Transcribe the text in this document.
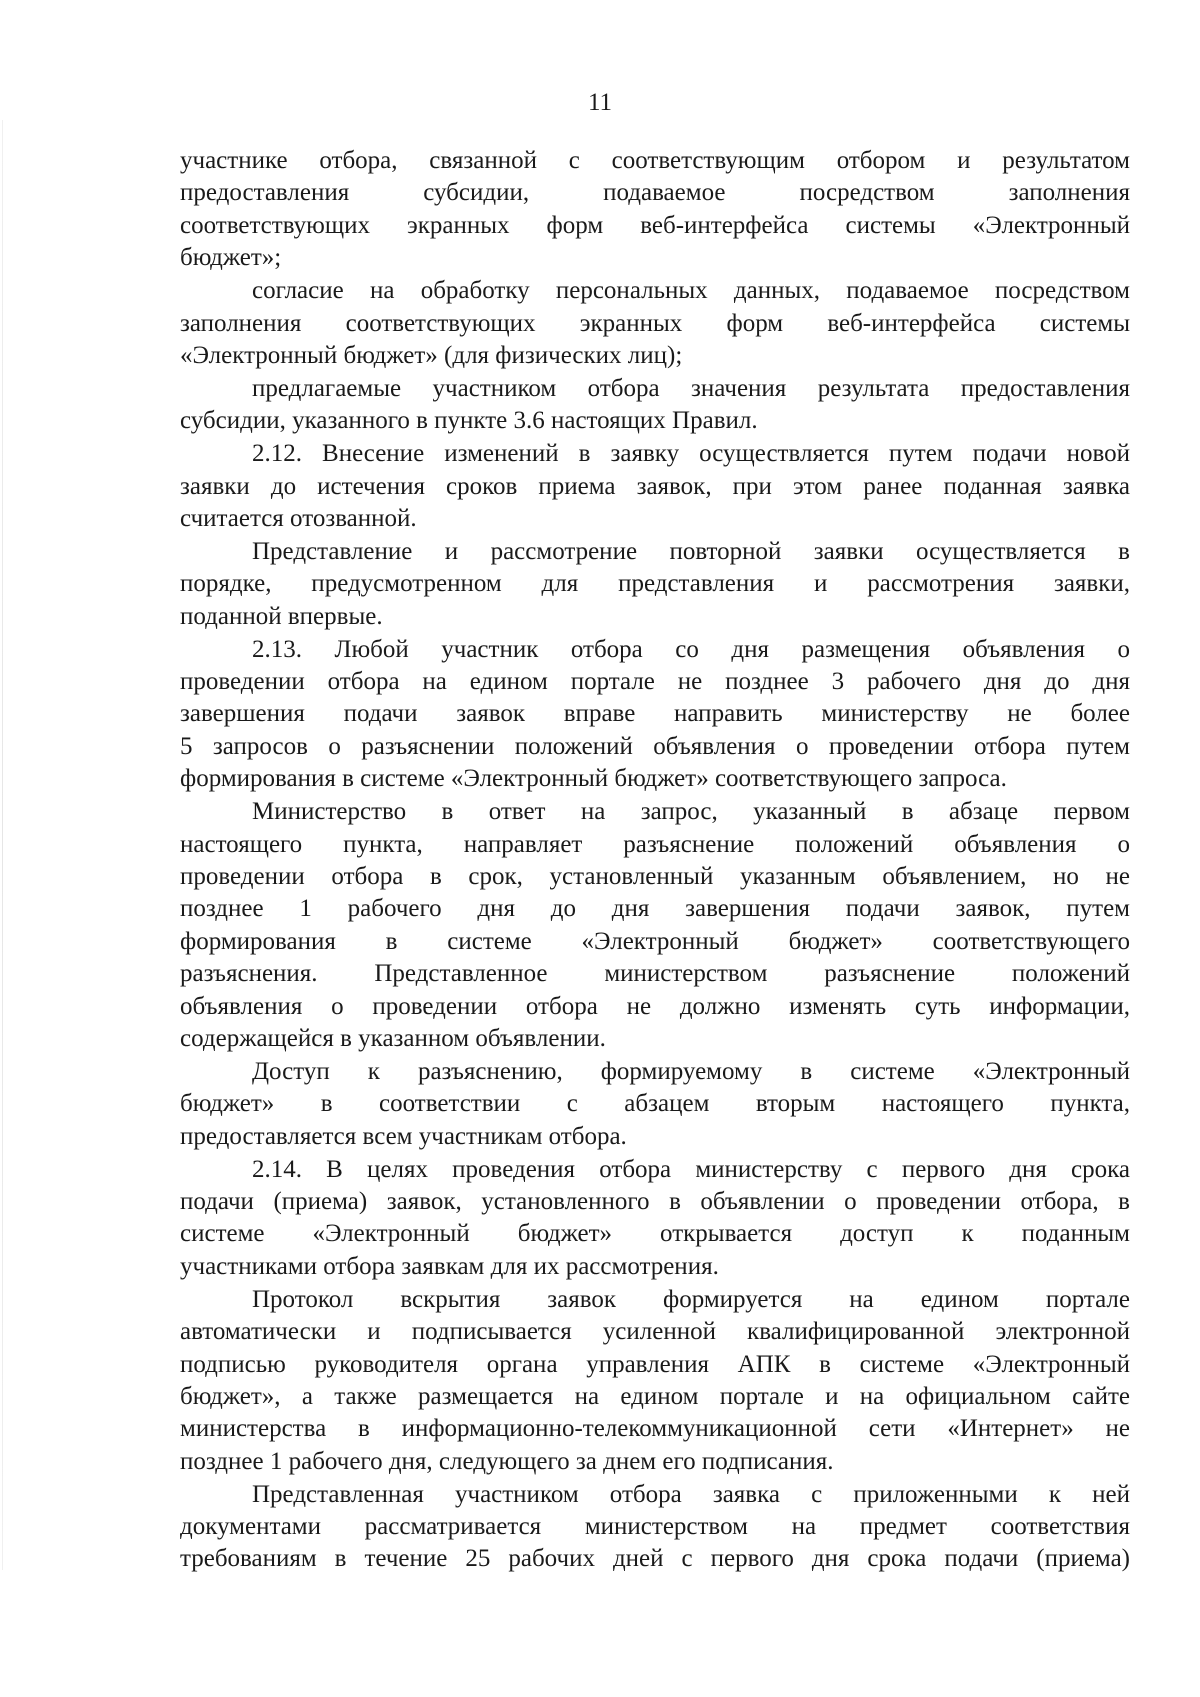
11

участнике отбора, связанной с соответствующим отбором и результатом

предоставления субсидии, подаваемое посредством заполнения

соответствующих экранных форм веб-интерфейса системы «Электронный

бюджет»;

согласие на обработку персональных данных, подаваемое посредством

заполнения соответствующих экранных форм веб-интерфейса системы

«Электронный бюджет» (для физических лиц);

предлагаемые участником отбора значения результата предоставления

субсидии, указанного в пункте 3.6 настоящих Правил.

2.12. Внесение изменений в заявку осуществляется путем подачи новой

заявки до истечения сроков приема заявок, при этом ранее поданная заявка

считается отозванной.

Представление и рассмотрение повторной заявки осуществляется в

порядке, предусмотренном для представления и рассмотрения заявки,

поданной впервые.

2.13. Любой участник отбора со дня размещения объявления о

проведении отбора на едином портале не позднее 3 рабочего дня до дня

завершения подачи заявок вправе направить министерству не более

5 запросов о разъяснении положений объявления о проведении отбора путем

формирования в системе «Электронный бюджет» соответствующего запроса.

Министерство в ответ на запрос, указанный в абзаце первом

настоящего пункта, направляет разъяснение положений объявления о

проведении отбора в срок, установленный указанным объявлением, но не

позднее 1 рабочего дня до дня завершения подачи заявок, путем

формирования в системе «Электронный бюджет» соответствующего

разъяснения. Представленное министерством разъяснение положений

объявления о проведении отбора не должно изменять суть информации,

содержащейся в указанном объявлении.

Доступ к разъяснению, формируемому в системе «Электронный

бюджет» в соответствии с абзацем вторым настоящего пункта,

предоставляется всем участникам отбора.

2.14. В целях проведения отбора министерству с первого дня срока

подачи (приема) заявок, установленного в объявлении о проведении отбора, в

системе «Электронный бюджет» открывается доступ к поданным

участниками отбора заявкам для их рассмотрения.

Протокол вскрытия заявок формируется на едином портале

автоматически и подписывается усиленной квалифицированной электронной

подписью руководителя органа управления АПК в системе «Электронный

бюджет», а также размещается на едином портале и на официальном сайте

министерства в информационно-телекоммуникационной сети «Интернет» не

позднее 1 рабочего дня, следующего за днем его подписания.

Представленная участником отбора заявка с приложенными к ней

документами рассматривается министерством на предмет соответствия

требованиям в течение 25 рабочих дней с первого дня срока подачи (приема)
